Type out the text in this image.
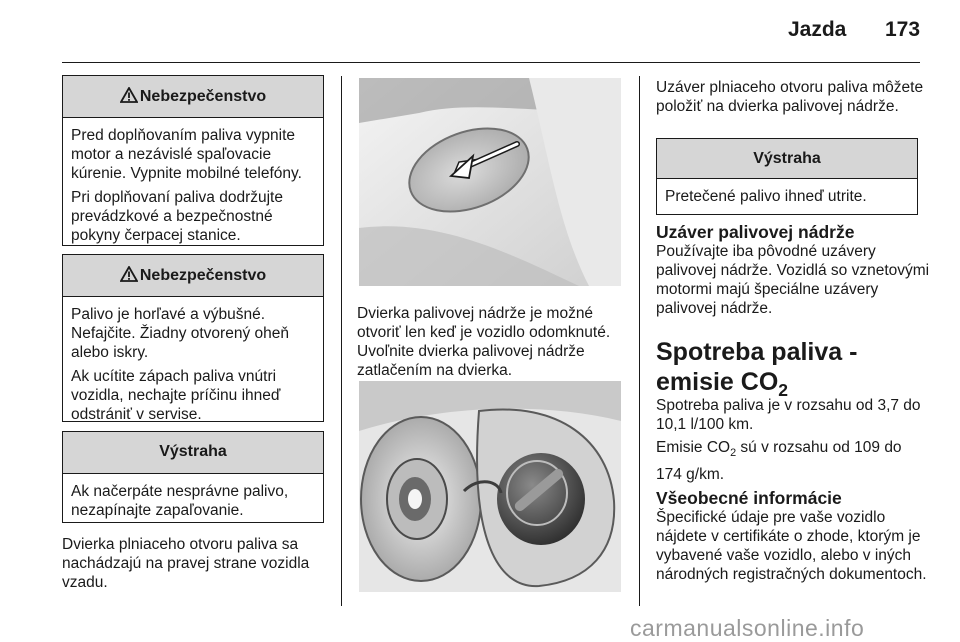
Jazda 173
Nebezpečenstvo

Pred doplňovaním paliva vypnite motor a nezávislé spaľovacie kúrenie. Vypnite mobilné telefóny.

Pri doplňovaní paliva dodržujte prevádzkové a bezpečnostné pokyny čerpacej stanice.

Nebezpečenstvo

Palivo je horľavé a výbušné. Nefajčite. Žiadny otvorený oheň alebo iskry.

Ak ucítite zápach paliva vnútri vozidla, nechajte príčinu ihneď odstrániť v servise.

Výstraha

Ak načerpáte nesprávne palivo, nezapínajte zapaľovanie.

Dvierka plniaceho otvoru paliva sa nachádzajú na pravej strane vozidla vzadu.

Dvierka palivovej nádrže je možné otvoriť len keď je vozidlo odomknuté. Uvoľnite dvierka palivovej nádrže zatlačením na dvierka.

Uzáver plniaceho otvoru paliva môžete položiť na dvierka palivovej nádrže.

Výstraha

Pretečené palivo ihneď utrite.

Uzáver palivovej nádrže

Používajte iba pôvodné uzávery palivovej nádrže. Vozidlá so vznetovými motormi majú špeciálne uzávery palivovej nádrže.

Spotreba paliva - emisie $CO_2$

Spotreba paliva je v rozsahu od 3,7 do 10,1 l/100 km.

Emisie $CO_2$ sú v rozsahu od 109 do 174 g/km.

Všeobecné informácie

Špecifické údaje pre vaše vozidlo nájdete v certifikáte o zhode, ktorým je vybavené vaše vozidlo, alebo v iných národných registračných dokumentoch.

carmanualsonline.info
